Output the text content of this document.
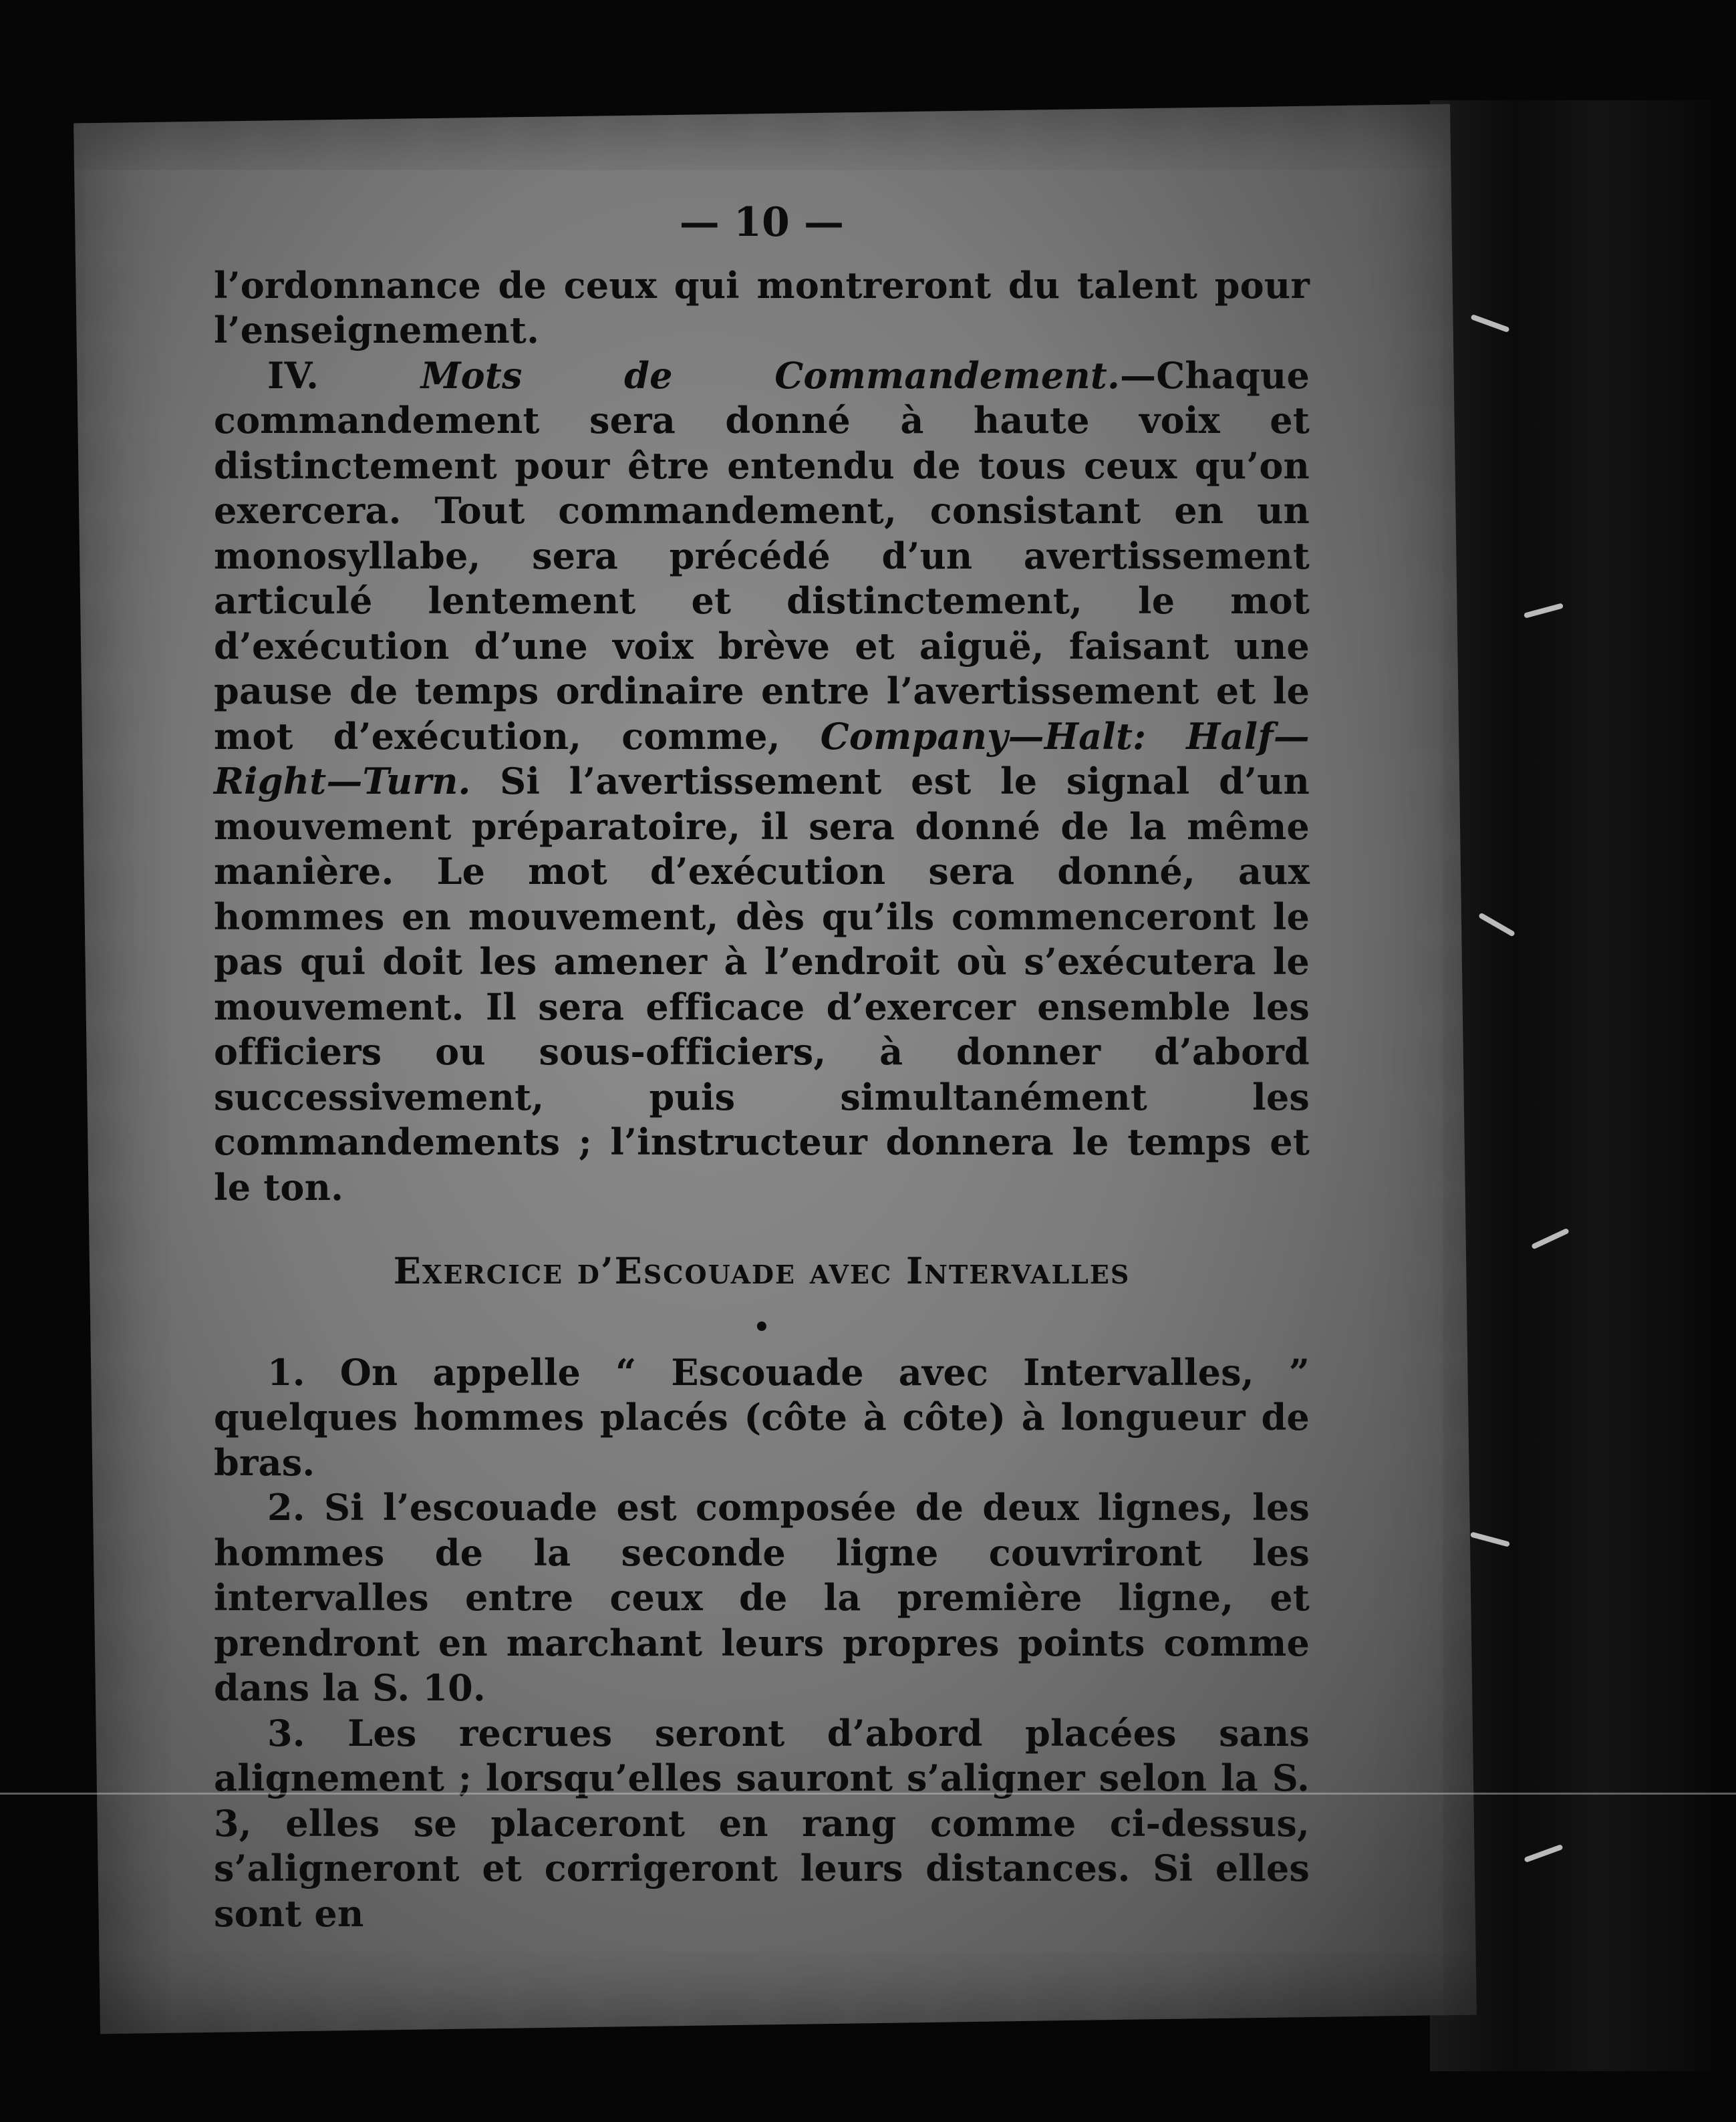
— 10 —

l’ordonnance de ceux qui montreront du talent pour l’enseignement.

IV.	Mots de Commandement.—Chaque commandement sera donné à haute voix et distinctement pour être entendu de tous ceux qu’on exercera. Tout commandement, consistant en un monosyllabe, sera précédé d’un avertissement articulé lentement et distinctement, le mot d’exécution d’une voix brève et aiguë, faisant une pause de temps ordinaire entre l’avertissement et le mot d’exécution, comme, Company—Halt: Half—Right—Turn. Si l’avertissement est le signal d’un mouvement préparatoire, il sera donné de la même manière. Le mot d’exécution sera donné, aux hommes en mouvement, dès qu’ils commenceront le pas qui doit les amener à l’endroit où s’exécutera le mouvement. Il sera efficace d’exercer ensemble les officiers ou sous-officiers, à donner d’abord successivement, puis simultanément les commandements ; l’instructeur donnera le temps et le ton.

Exercice d’Escouade avec Intervalles
•

1. On appelle “ Escouade avec Intervalles, ” quelques hommes placés (côte à côte) à longueur de bras.

2. Si l’escouade est composée de deux lignes, les hommes de la seconde ligne couvriront les intervalles entre ceux de la première ligne, et prendront en marchant leurs propres points comme dans la S. 10.

3. Les recrues seront d’abord placées sans alignement ; lorsqu’elles sauront s’aligner selon la S. 3, elles se placeront en rang comme ci-dessus, s’aligneront et corrigeront leurs distances. Si elles sont en
